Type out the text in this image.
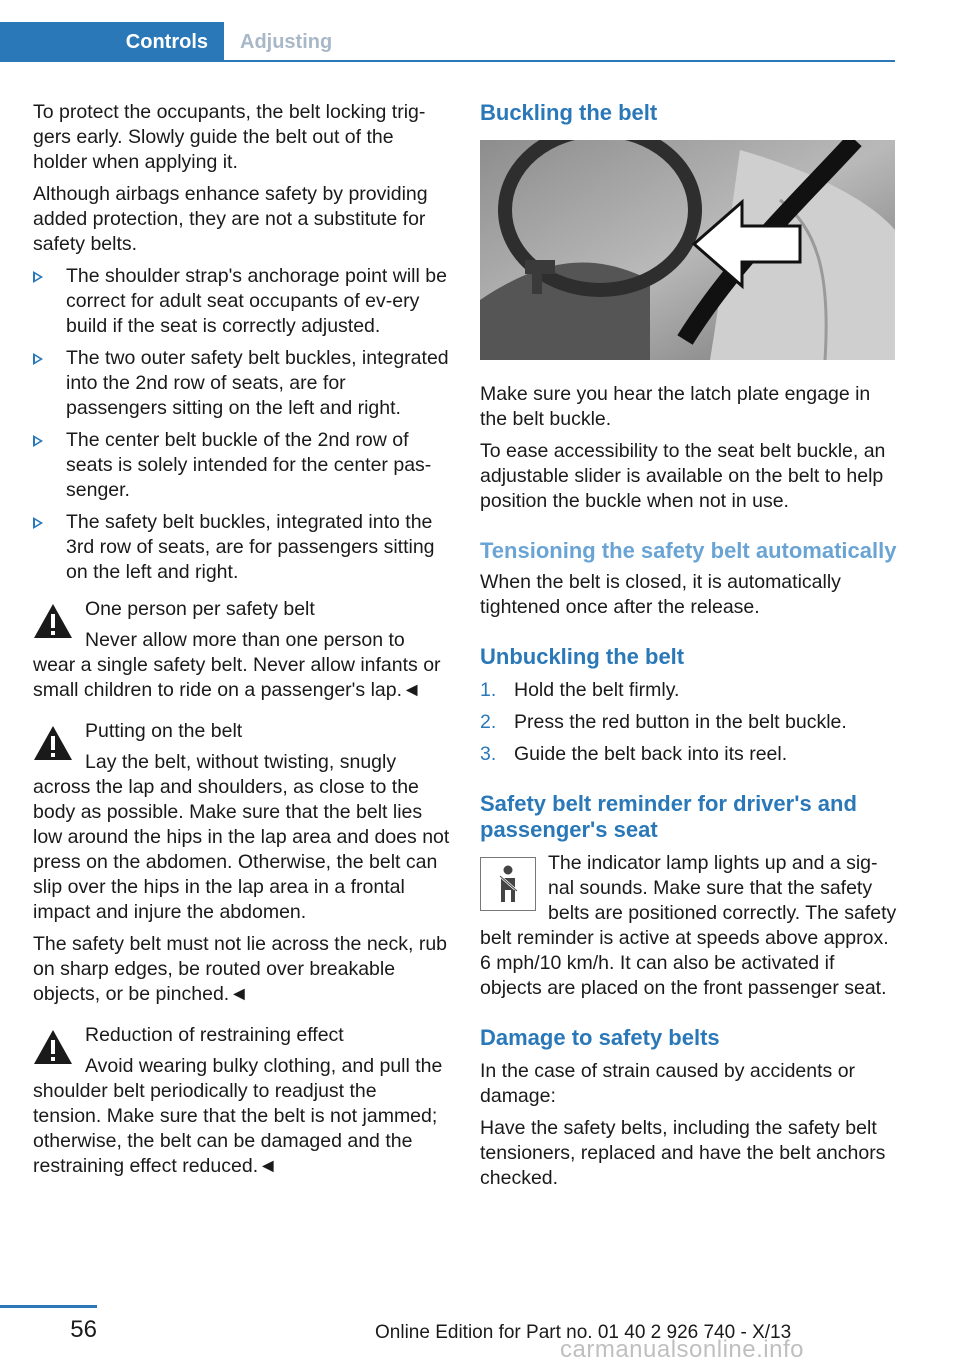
Controls	Adjusting

To protect the occupants, the belt locking trig‐gers early. Slowly guide the belt out of the holder when applying it.

Although airbags enhance safety by providing added protection, they are not a substitute for safety belts.

The shoulder strap's anchorage point will be correct for adult seat occupants of ev‐ery build if the seat is correctly adjusted.
The two outer safety belt buckles, integrated into the 2nd row of seats, are for passengers sitting on the left and right.
The center belt buckle of the 2nd row of seats is solely intended for the center pas‐senger.
The safety belt buckles, integrated into the 3rd row of seats, are for passengers sitting on the left and right.
One person per safety belt

Never allow more than one person to wear a single safety belt. Never allow infants or small children to ride on a passenger's lap.◄

Putting on the belt

Lay the belt, without twisting, snugly across the lap and shoulders, as close to the body as possible. Make sure that the belt lies low around the hips in the lap area and does not press on the abdomen. Otherwise, the belt can slip over the hips in the lap area in a frontal impact and injure the abdomen.

The safety belt must not lie across the neck, rub on sharp edges, be routed over breakable objects, or be pinched.◄

Reduction of restraining effect

Avoid wearing bulky clothing, and pull the shoulder belt periodically to readjust the tension. Make sure that the belt is not jammed; otherwise, the belt can be damaged and the restraining effect reduced.◄

Buckling the belt

Make sure you hear the latch plate engage in the belt buckle.

To ease accessibility to the seat belt buckle, an adjustable slider is available on the belt to help position the buckle when not in use.

Tensioning the safety belt automatically

When the belt is closed, it is automatically tightened once after the release.

Unbuckling the belt
1. Hold the belt firmly.
2. Press the red button in the belt buckle.
3. Guide the belt back into its reel.
Safety belt reminder for driver's and passenger's seat

The indicator lamp lights up and a sig‐nal sounds. Make sure that the safety belts are positioned correctly. The safety belt reminder is active at speeds above approx. 6 mph/10 km/h. It can also be activated if objects are placed on the front passenger seat.

Damage to safety belts

In the case of strain caused by accidents or damage:

Have the safety belts, including the safety belt tensioners, replaced and have the belt anchors checked.

56	Online Edition for Part no. 01 40 2 926 740 - X/13
carmanualsonline.info
